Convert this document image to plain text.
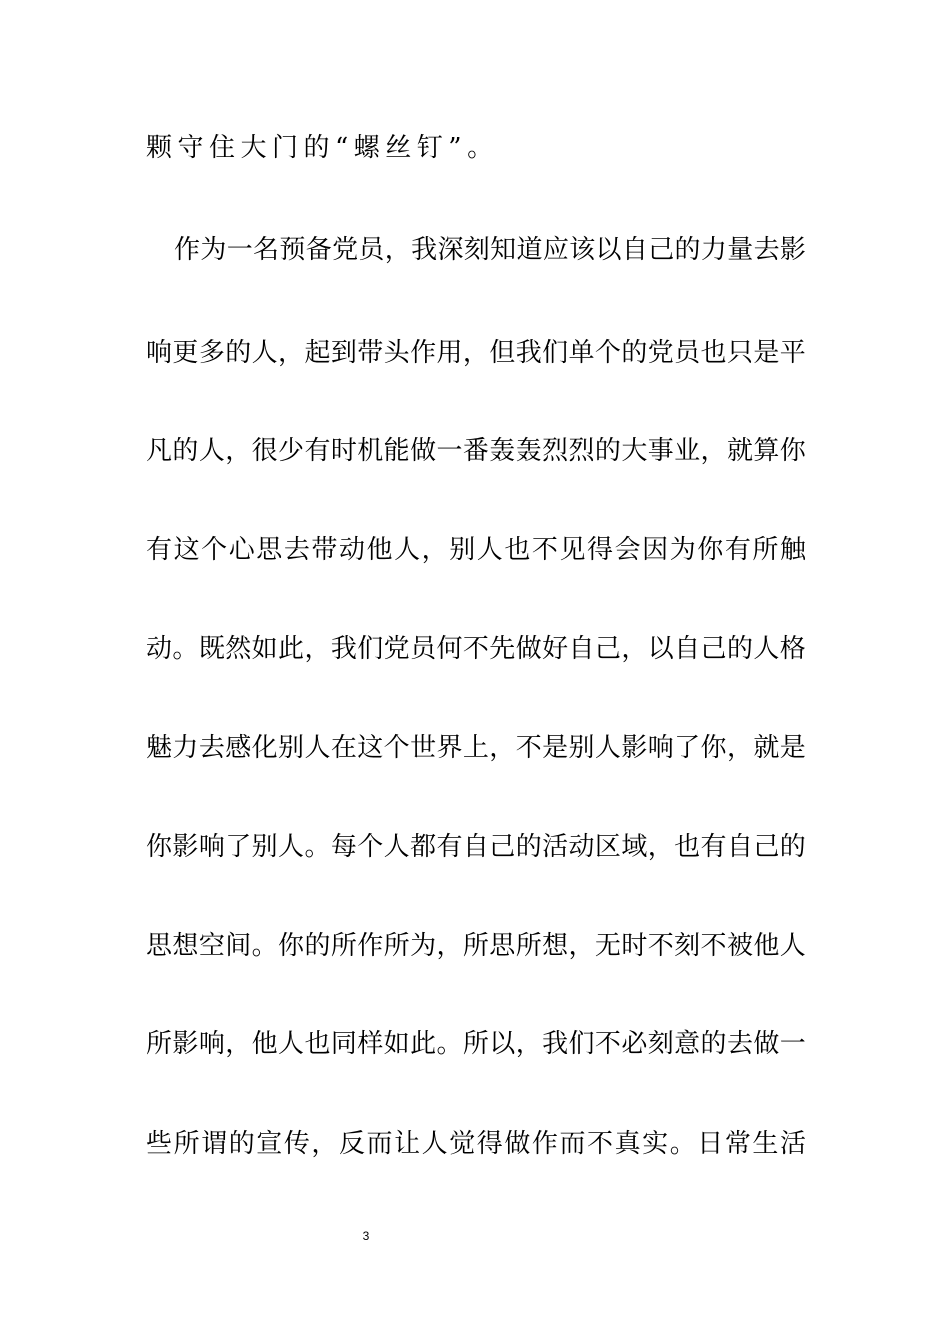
颗守住大门的“螺丝钉”。
作 为 一 名 预 备 党 员 ， 我 深 刻 知 道 应 该 以 自 己 的 力 量 去 影
响 更 多 的 人 ， 起 到 带 头 作 用 ， 但 我 们 单 个 的 党 员 也 只 是 平
凡 的 人 ， 很 少 有 时 机 能 做 一 番 轰 轰 烈 烈 的 大 事 业 ， 就 算 你
有 这 个 心 思 去 带 动 他 人 ， 别 人 也 不 见 得 会 因 为 你 有 所 触
动 。 既 然 如 此 ， 我 们 党 员 何 不 先 做 好 自 己 ， 以 自 己 的 人 格
魅 力 去 感 化 别 人 在 这 个 世 界 上 ， 不 是 别 人 影 响 了 你 ， 就 是
你 影 响 了 别 人 。 每 个 人 都 有 自 己 的 活 动 区 域 ， 也 有 自 己 的
思 想 空 间 。 你 的 所 作 所 为 ， 所 思 所 想 ， 无 时 不 刻 不 被 他 人
所 影 响 ， 他 人 也 同 样 如 此 。 所 以 ， 我 们 不 必 刻 意 的 去 做 一
些 所 谓 的 宣 传 ， 反 而 让 人 觉 得 做 作 而 不 真 实 。 日 常 生 活
3
